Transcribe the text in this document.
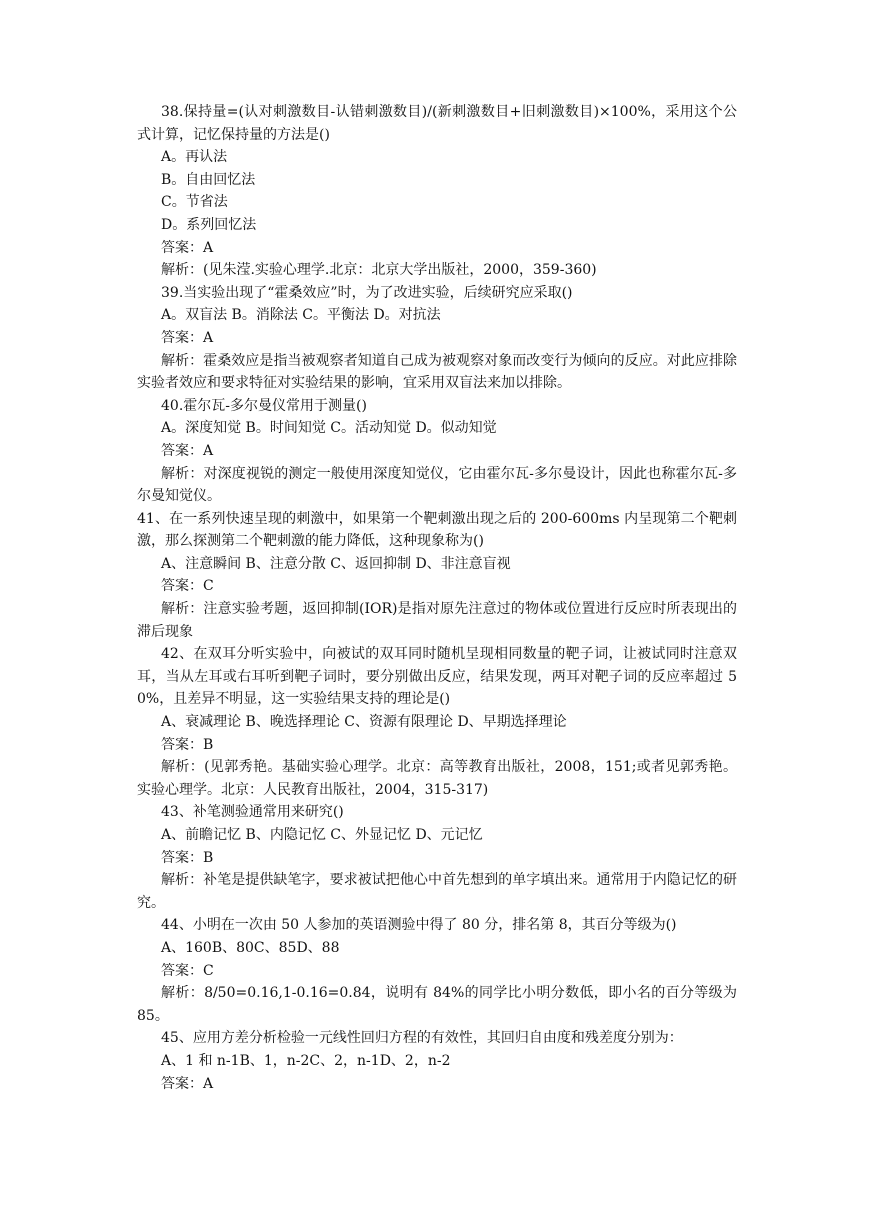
38.保持量=(认对刺激数目-认错刺激数目)/(新刺激数目+旧刺激数目)×100%，采用这个公式计算，记忆保持量的方法是()

A。再认法

B。自由回忆法

C。节省法

D。系列回忆法

答案：A

解析：(见朱滢.实验心理学.北京：北京大学出版社，2000，359-360)

39.当实验出现了“霍桑效应”时，为了改进实验，后续研究应采取()

A。双盲法 B。消除法 C。平衡法 D。对抗法

答案：A

解析：霍桑效应是指当被观察者知道自己成为被观察对象而改变行为倾向的反应。对此应排除实验者效应和要求特征对实验结果的影响，宜采用双盲法来加以排除。

40.霍尔瓦-多尔曼仪常用于测量()

A。深度知觉 B。时间知觉 C。活动知觉 D。似动知觉

答案：A

解析：对深度视锐的测定一般使用深度知觉仪，它由霍尔瓦-多尔曼设计，因此也称霍尔瓦-多尔曼知觉仪。

41、在一系列快速呈现的刺激中，如果第一个靶刺激出现之后的 200-600ms 内呈现第二个靶刺激，那么探测第二个靶刺激的能力降低，这种现象称为()

A、注意瞬间 B、注意分散 C、返回抑制 D、非注意盲视

答案：C

解析：注意实验考题，返回抑制(IOR)是指对原先注意过的物体或位置进行反应时所表现出的滞后现象

42、在双耳分听实验中，向被试的双耳同时随机呈现相同数量的靶子词，让被试同时注意双耳，当从左耳或右耳听到靶子词时，要分别做出反应，结果发现，两耳对靶子词的反应率超过 50%，且差异不明显，这一实验结果支持的理论是()

A、衰减理论 B、晚选择理论 C、资源有限理论 D、早期选择理论

答案：B

解析：(见郭秀艳。基础实验心理学。北京：高等教育出版社，2008，151;或者见郭秀艳。实验心理学。北京：人民教育出版社，2004，315-317)

43、补笔测验通常用来研究()

A、前瞻记忆 B、内隐记忆 C、外显记忆 D、元记忆

答案：B

解析：补笔是提供缺笔字，要求被试把他心中首先想到的单字填出来。通常用于内隐记忆的研究。

44、小明在一次由 50 人参加的英语测验中得了 80 分，排名第 8，其百分等级为()

A、160B、80C、85D、88

答案：C

解析：8/50=0.16,1-0.16=0.84，说明有 84%的同学比小明分数低，即小名的百分等级为 85。

45、应用方差分析检验一元线性回归方程的有效性，其回归自由度和残差度分别为：

A、1 和 n-1B、1，n-2C、2，n-1D、2，n-2

答案：A
